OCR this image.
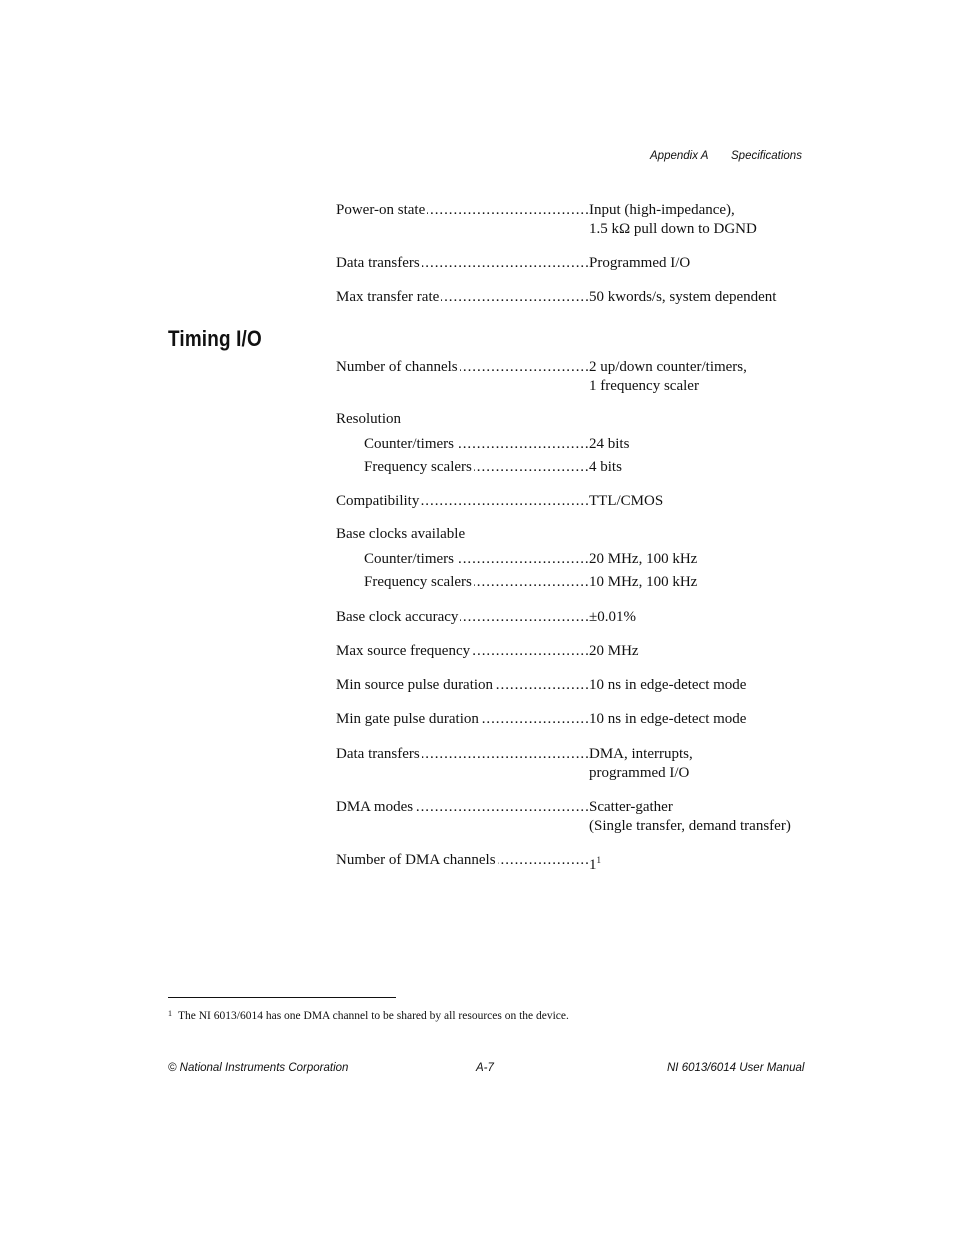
Appendix A Specifications
Power-on state . . .	Input (high-impedance),
1.5 kΩ pull down to DGND
Data transfers . . .	Programmed I/O
Max transfer rate . . .	50 kwords/s, system dependent
Timing I/O
Number of channels . . .	2 up/down counter/timers,
1 frequency scaler
Resolution
Counter/timers . . .	24 bits
Frequency scalers . . .	4 bits
Compatibility . . .	TTL/CMOS
Base clocks available
Counter/timers . . .	20 MHz, 100 kHz
Frequency scalers . . .	10 MHz, 100 kHz
Base clock accuracy . . .	±0.01%
Max source frequency . . .	20 MHz
Min source pulse duration . . .	10 ns in edge-detect mode
Min gate pulse duration . . .	10 ns in edge-detect mode
Data transfers . . .	DMA, interrupts,
programmed I/O
DMA modes . . .	Scatter-gather
(Single transfer, demand transfer)
Number of DMA channels . . .	$1^1$
$^1$ The NI 6013/6014 has one DMA channel to be shared by all resources on the device.
© National Instruments Corporation	A-7	NI 6013/6014 User Manual
